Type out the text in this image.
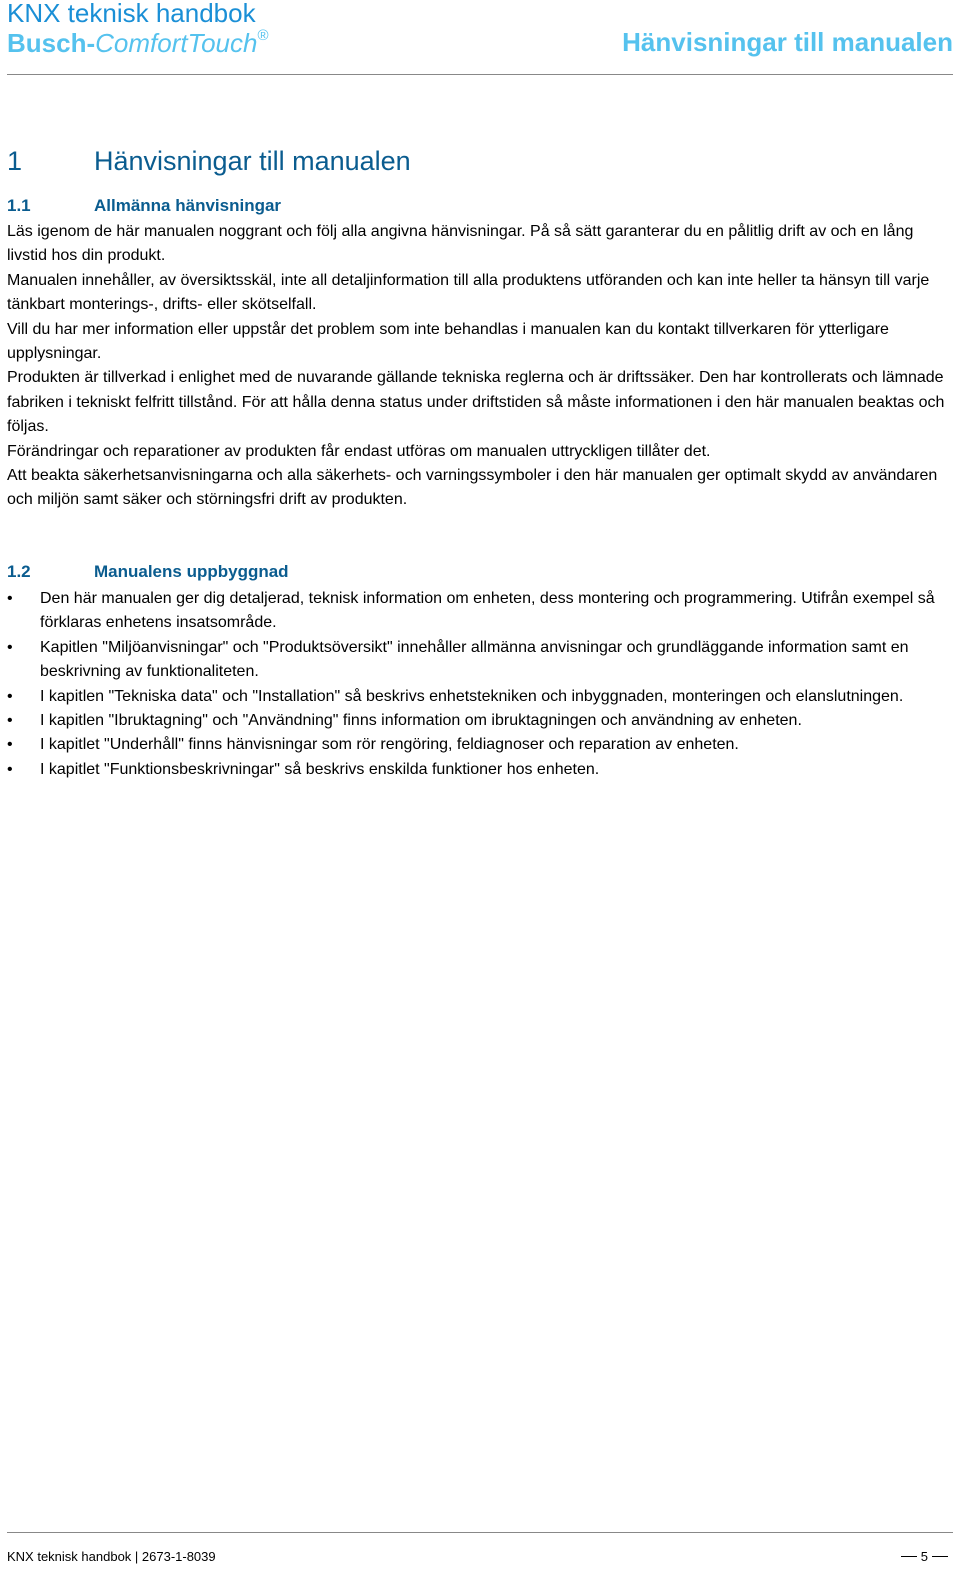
KNX teknisk handbok
Busch-ComfortTouch®	Hänvisningar till manualen
1	Hänvisningar till manualen
1.1	Allmänna hänvisningar

Läs igenom de här manualen noggrant och följ alla angivna hänvisningar. På så sätt garanterar du en pålitlig drift av och en lång livstid hos din produkt.

Manualen innehåller, av översiktsskäl, inte all detaljinformation till alla produktens utföranden och kan inte heller ta hänsyn till varje tänkbart monterings-, drifts- eller skötselfall.

Vill du har mer information eller uppstår det problem som inte behandlas i manualen kan du kontakt tillverkaren för ytterligare upplysningar.

Produkten är tillverkad i enlighet med de nuvarande gällande tekniska reglerna och är driftssäker. Den har kontrollerats och lämnade fabriken i tekniskt felfritt tillstånd. För att hålla denna status under driftstiden så måste informationen i den här manualen beaktas och följas.

Förändringar och reparationer av produkten får endast utföras om manualen uttryckligen tillåter det.

Att beakta säkerhetsanvisningarna och alla säkerhets- och varningssymboler i den här manualen ger optimalt skydd av användaren och miljön samt säker och störningsfri drift av produkten.

1.2	Manualens uppbyggnad
• Den här manualen ger dig detaljerad, teknisk information om enheten, dess montering och programmering. Utifrån exempel så förklaras enhetens insatsområde.
• Kapitlen "Miljöanvisningar" och "Produktsöversikt" innehåller allmänna anvisningar och grundläggande information samt en beskrivning av funktionaliteten.
• I kapitlen "Tekniska data" och "Installation" så beskrivs enhetstekniken och inbyggnaden, monteringen och elanslutningen.
• I kapitlen "Ibruktagning" och "Användning" finns information om ibruktagningen och användning av enheten.
• I kapitlet "Underhåll" finns hänvisningar som rör rengöring, feldiagnoser och reparation av enheten.
• I kapitlet "Funktionsbeskrivningar" så beskrivs enskilda funktioner hos enheten.
KNX teknisk handbok | 2673-1-8039	5
